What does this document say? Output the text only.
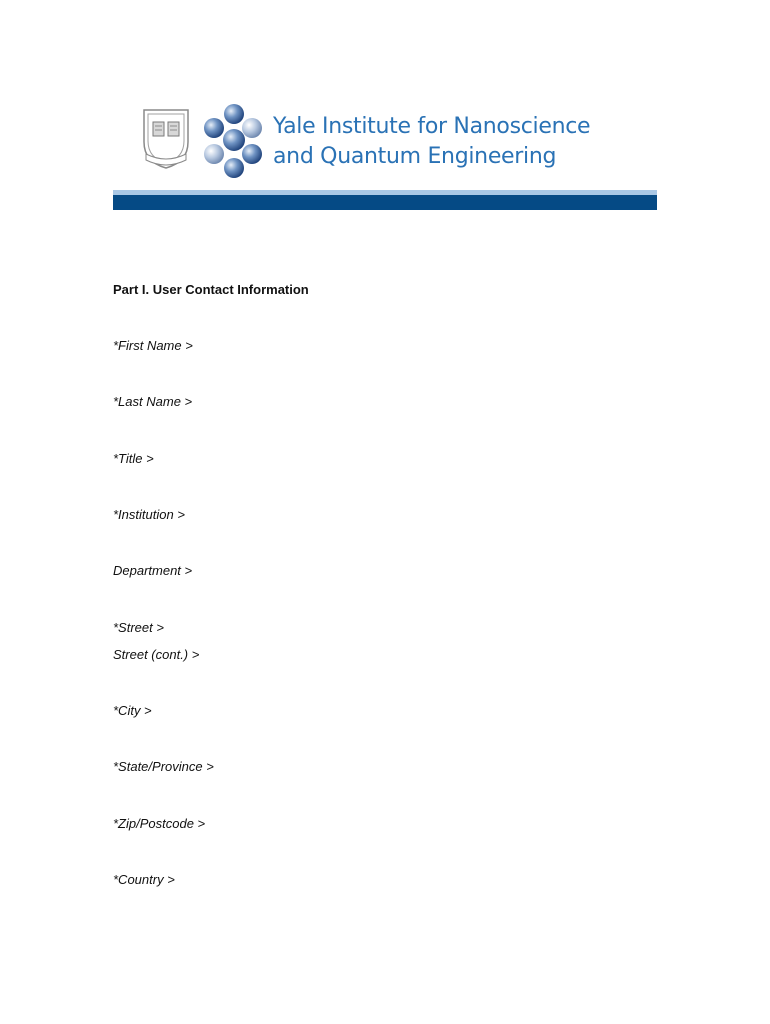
Yale Institute for Nanoscience
and Quantum Engineering
Part I. User Contact Information
*First Name >
*Last Name >
*Title >
*Institution >
Department >
*Street >
Street (cont.) >
*City >
*State/Province >
*Zip/Postcode >
*Country >
